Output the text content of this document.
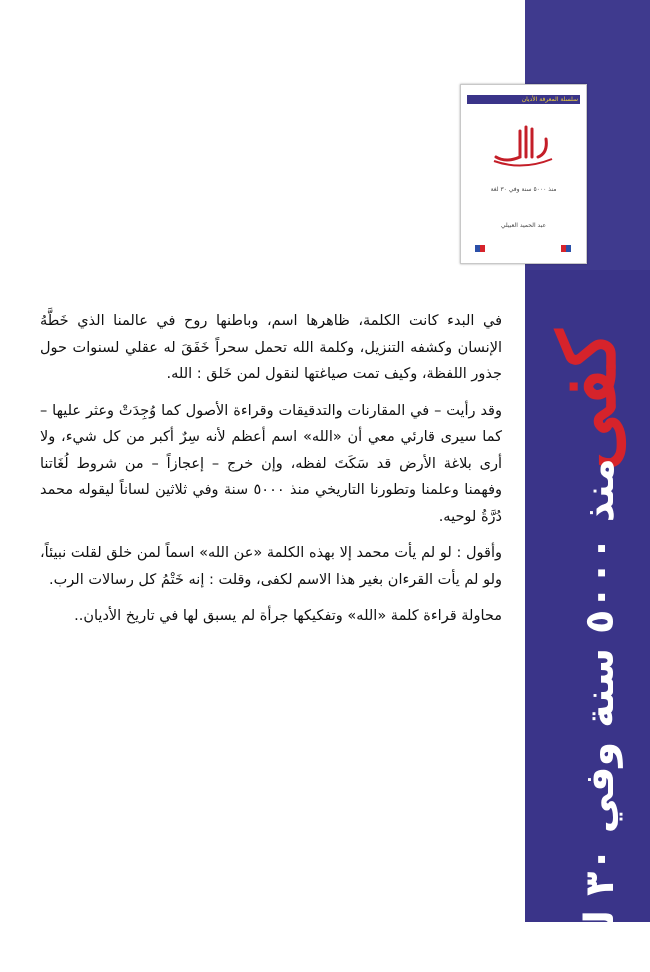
كفى
منذ ٥٠٠٠ سنة وفي ٣٠ لغة
سلسلة المعرفة الأديان
منذ ٥٠٠٠ سنة وفي ٣٠ لغة
عبد الحميد العبيلي

في البدء كانت الكلمة، ظاهرها اسم، وباطنها روح في عالمنا الذي خَطَّهُ الإنسان وكشفه التنزيل، وكلمة الله تحمل سحراً خَفَقَ له عقلي لسنوات حول جذور اللفظة، وكيف تمت صياغتها لنقول لمن خَلق : الله.

وقد رأيت – في المقارنات والتدقيقات وقراءة الأصول كما وُجِدَتْ وعثر عليها – كما سيرى قارئي معي أن «الله» اسم أعظم لأنه سِرٌ أكبر من كل شيء، ولا أرى بلاغة الأرض قد سَكَتَ لفظه، وإن خرج – إعجازاً – من شروط لُغَاتنا وفهمنا وعلمنا وتطورنا التاريخي منذ ٥٠٠٠ سنة وفي ثلاثين لساناً ليقوله محمد دُرَّةُ لوحيه.

وأقول : لو لم يأت محمد إلا بهذه الكلمة «عن الله» اسماً لمن خلق لقلت نبيئاً، ولو لم يأت القرءان بغير هذا الاسم لكفى، وقلت : إنه خَتْمُ كل رسالات الرب.

محاولة قراءة كلمة «الله» وتفكيكها جرأة لم يسبق لها في تاريخ الأديان..
